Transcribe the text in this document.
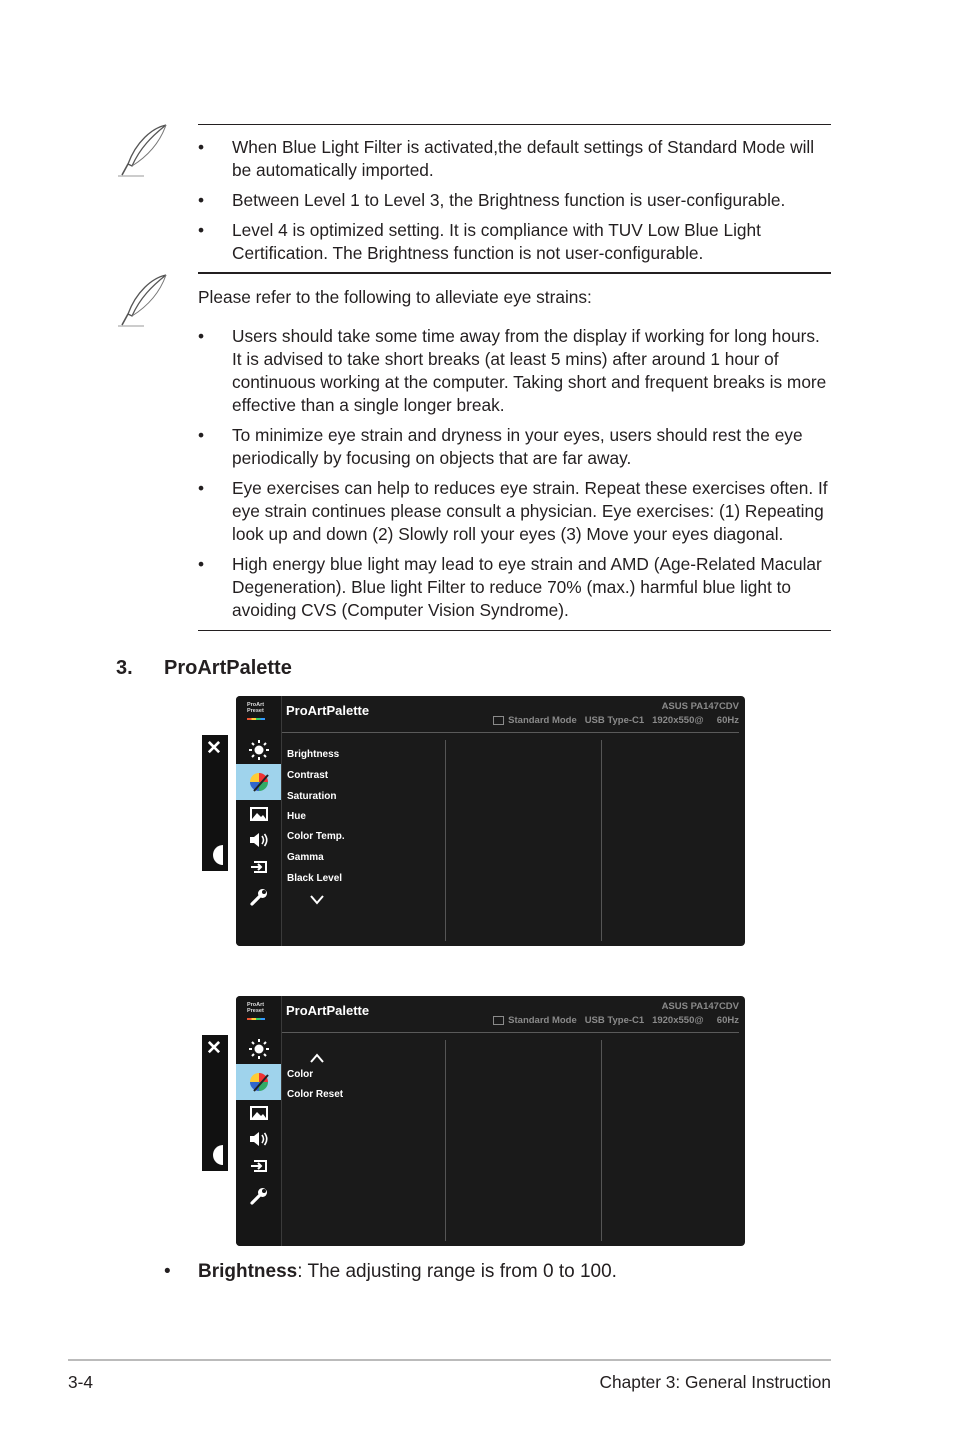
• When Blue Light Filter is activated,the default settings of Standard Mode will be automatically imported.
• Between Level 1 to Level 3, the Brightness function is user-configurable.
• Level 4 is optimized setting. It is compliance with TUV Low Blue Light Certification. The Brightness function is not user-configurable.
Please refer to the following to alleviate eye strains:
• Users should take some time away from the display if working for long hours. It is advised to take short breaks (at least 5 mins) after around 1 hour of continuous working at the computer. Taking short and frequent breaks is more effective than a single longer break.
• To minimize eye strain and dryness in your eyes, users should rest the eye periodically by focusing on objects that are far away.
• Eye exercises can help to reduces eye strain. Repeat these exercises often. If eye strain continues please consult a physician. Eye exercises: (1) Repeating look up and down (2) Slowly roll your eyes (3) Move your eyes diagonal.
• High energy blue light may lead to eye strain and AMD (Age-Related Macular Degeneration). Blue light Filter to reduce 70% (max.) harmful blue light to avoiding CVS (Computer Vision Syndrome).
3. ProArtPalette
✕
ProArt
Preset ProArtPalette	ASUS PA147CDV
Standard Mode   USB Type-C1   1920x550@     60Hz
Brightness
Contrast
Saturation
Hue
Color Temp.
Gamma
Black Level
✕
ProArt
Preset ProArtPalette	ASUS PA147CDV
Standard Mode   USB Type-C1   1920x550@     60Hz
Color
Color Reset
• Brightness: The adjusting range is from 0 to 100.
3-4	Chapter 3: General Instruction
